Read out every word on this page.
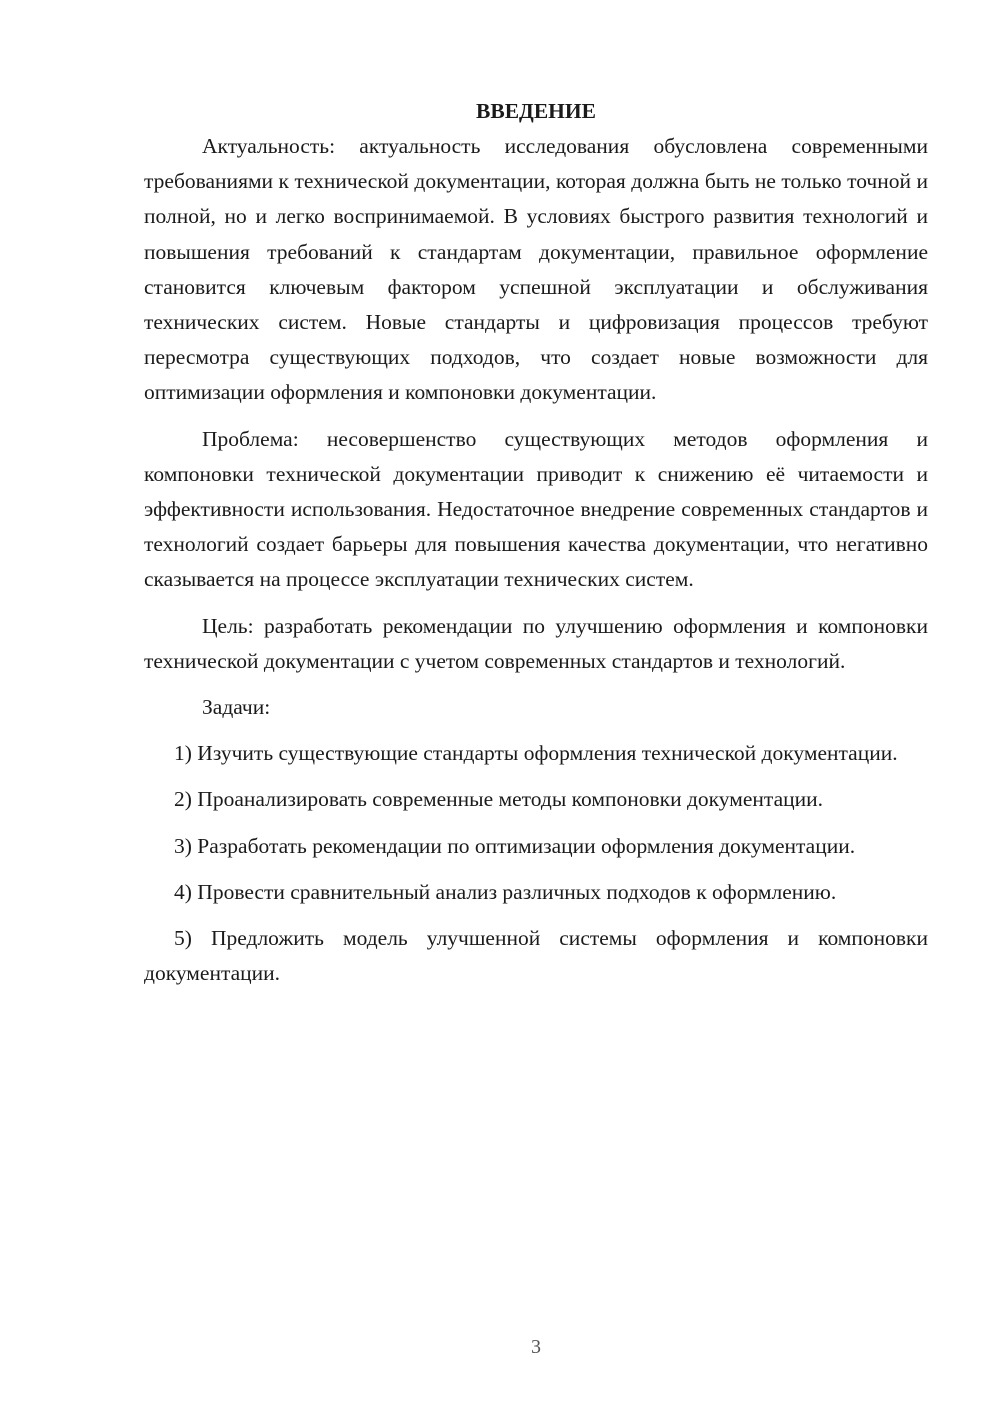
ВВЕДЕНИЕ

Актуальность: актуальность исследования обусловлена современными требованиями к технической документации, которая должна быть не только точной и полной, но и легко воспринимаемой. В условиях быстрого развития технологий и повышения требований к стандартам документации, правильное оформление становится ключевым фактором успешной эксплуатации и обслуживания технических систем. Новые стандарты и цифровизация процессов требуют пересмотра существующих подходов, что создает новые возможности для оптимизации оформления и компоновки документации.

Проблема: несовершенство существующих методов оформления и компоновки технической документации приводит к снижению её читаемости и эффективности использования. Недостаточное внедрение современных стандартов и технологий создает барьеры для повышения качества документации, что негативно сказывается на процессе эксплуатации технических систем.

Цель: разработать рекомендации по улучшению оформления и компоновки технической документации с учетом современных стандартов и технологий.

Задачи:

1) Изучить существующие стандарты оформления технической документации.

2) Проанализировать современные методы компоновки документации.

3) Разработать рекомендации по оптимизации оформления документации.

4) Провести сравнительный анализ различных подходов к оформлению.

5) Предложить модель улучшенной системы оформления и компоновки документации.

3
